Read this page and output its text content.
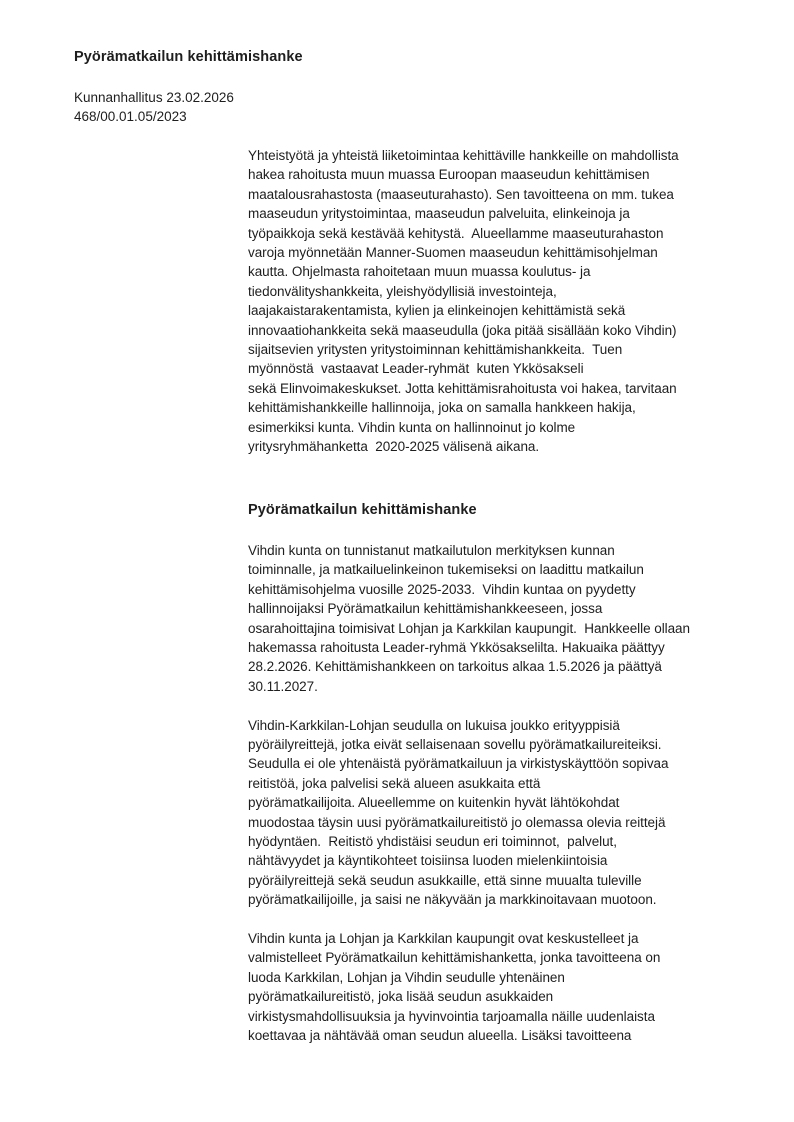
Pyörämatkailun kehittämishanke
Kunnanhallitus 23.02.2026
468/00.01.05/2023
Yhteistyötä ja yhteistä liiketoimintaa kehittäville hankkeille on mahdollista
hakea rahoitusta muun muassa Euroopan maaseudun kehittämisen
maatalousrahastosta (maaseuturahasto). Sen tavoitteena on mm. tukea
maaseudun yritystoimintaa, maaseudun palveluita, elinkeinoja ja
työpaikkoja sekä kestävää kehitystä.  Alueellamme maaseuturahaston
varoja myönnetään Manner-Suomen maaseudun kehittämisohjelman
kautta. Ohjelmasta rahoitetaan muun muassa koulutus- ja
tiedonvälityshankkeita, yleishyödyllisiä investointeja,
laajakaistarakentamista, kylien ja elinkeinojen kehittämistä sekä
innovaatiohankkeita sekä maaseudulla (joka pitää sisällään koko Vihdin)
sijaitsevien yritysten yritystoiminnan kehittämishankkeita.  Tuen
myönnöstä  vastaavat Leader-ryhmät  kuten Ykkösakseli
sekä Elinvoimakeskukset. Jotta kehittämisrahoitusta voi hakea, tarvitaan
kehittämishankkeille hallinnoija, joka on samalla hankkeen hakija,
esimerkiksi kunta. Vihdin kunta on hallinnoinut jo kolme
yritysryhmähanketta  2020-2025 välisenä aikana.
Pyörämatkailun kehittämishanke
Vihdin kunta on tunnistanut matkailutulon merkityksen kunnan
toiminnalle, ja matkailuelinkeinon tukemiseksi on laadittu matkailun
kehittämisohjelma vuosille 2025-2033.  Vihdin kuntaa on pyydetty
hallinnoijaksi Pyörämatkailun kehittämishankkeeseen, jossa
osarahoittajina toimisivat Lohjan ja Karkkilan kaupungit.  Hankkeelle ollaan
hakemassa rahoitusta Leader-ryhmä Ykkösakselilta. Hakuaika päättyy
28.2.2026. Kehittämishankkeen on tarkoitus alkaa 1.5.2026 ja päättyä
30.11.2027.
Vihdin-Karkkilan-Lohjan seudulla on lukuisa joukko erityyppisiä
pyöräilyreittejä, jotka eivät sellaisenaan sovellu pyörämatkailureiteiksi.
Seudulla ei ole yhtenäistä pyörämatkailuun ja virkistyskäyttöön sopivaa
reitistöä, joka palvelisi sekä alueen asukkaita että
pyörämatkailijoita. Alueellemme on kuitenkin hyvät lähtökohdat
muodostaa täysin uusi pyörämatkailureitistö jo olemassa olevia reittejä
hyödyntäen.  Reitistö yhdistäisi seudun eri toiminnot,  palvelut,
nähtävyydet ja käyntikohteet toisiinsa luoden mielenkiintoisia
pyöräilyreittejä sekä seudun asukkaille, että sinne muualta tuleville
pyörämatkailijoille, ja saisi ne näkyvään ja markkinoitavaan muotoon.
Vihdin kunta ja Lohjan ja Karkkilan kaupungit ovat keskustelleet ja
valmistelleet Pyörämatkailun kehittämishanketta, jonka tavoitteena on
luoda Karkkilan, Lohjan ja Vihdin seudulle yhtenäinen
pyörämatkailureitistö, joka lisää seudun asukkaiden
virkistysmahdollisuuksia ja hyvinvointia tarjoamalla näille uudenlaista
koettavaa ja nähtävää oman seudun alueella. Lisäksi tavoitteena
